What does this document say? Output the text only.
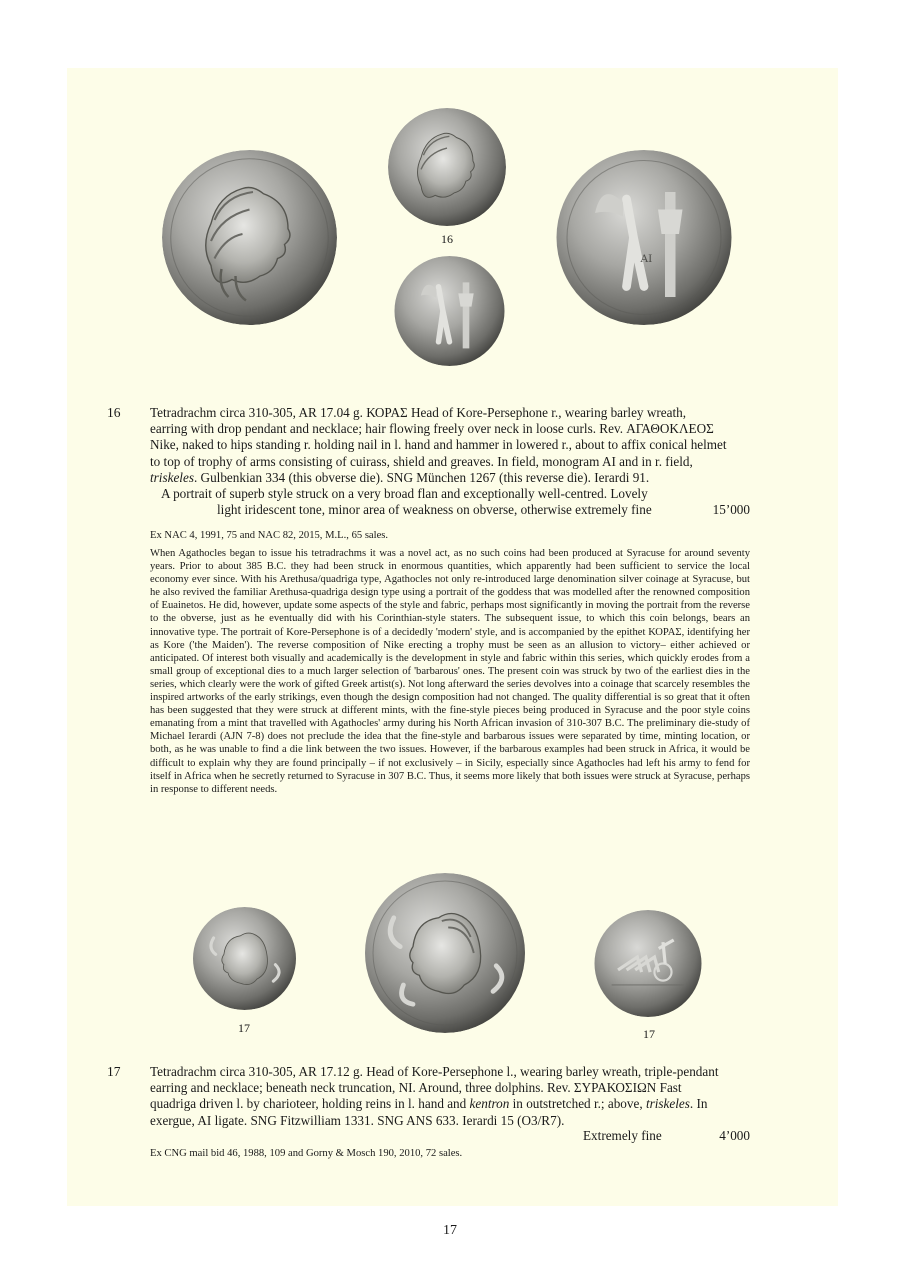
16
AI
16 Tetradrachm circa 310-305, AR 17.04 g. ΚΟΡΑΣ Head of Kore-Persephone r., wearing barley wreath,
earring with drop pendant and necklace; hair flowing freely over neck in loose curls. Rev. ΑΓΑΘΟΚΛΕΟΣ
Nike, naked to hips standing r. holding nail in l. hand and hammer in lowered r., about to affix conical helmet
to top of trophy of arms consisting of cuirass, shield and greaves. In field, monogram AI and in r. field,
triskeles. Gulbenkian 334 (this obverse die). SNG München 1267 (this reverse die). Ierardi 91.
A portrait of superb style struck on a very broad flan and exceptionally well-centred. Lovely
light iridescent tone, minor area of weakness on obverse, otherwise extremely fine	15’000
Ex NAC 4, 1991, 75 and NAC 82, 2015, M.L., 65 sales.
When Agathocles began to issue his tetradrachms it was a novel act, as no such coins had been produced at Syracuse for around seventy years. Prior to about 385 B.C. they had been struck in enormous quantities, which apparently had been sufficient to service the local economy ever since. With his Arethusa/quadriga type, Agathocles not only re-introduced large denomination silver coinage at Syracuse, but he also revived the familiar Arethusa-quadriga design type using a portrait of the goddess that was modelled after the renowned composition of Euainetos. He did, however, update some aspects of the style and fabric, perhaps most significantly in moving the portrait from the reverse to the obverse, just as he eventually did with his Corinthian-style staters. The subsequent issue, to which this coin belongs, bears an innovative type. The portrait of Kore-Persephone is of a decidedly 'modern' style, and is accompanied by the epithet ΚΟΡΑΣ, identifying her as Kore ('the Maiden'). The reverse composition of Nike erecting a trophy must be seen as an allusion to victory– either achieved or anticipated. Of interest both visually and academically is the development in style and fabric within this series, which quickly erodes from a small group of exceptional dies to a much larger selection of 'barbarous' ones. The present coin was struck by two of the earliest dies in the series, which clearly were the work of gifted Greek artist(s). Not long afterward the series devolves into a coinage that scarcely resembles the inspired artworks of the early strikings, even though the design composition had not changed. The quality differential is so great that it often has been suggested that they were struck at different mints, with the fine-style pieces being produced in Syracuse and the poor style coins emanating from a mint that travelled with Agathocles' army during his North African invasion of 310-307 B.C. The preliminary die-study of Michael Ierardi (AJN 7-8) does not preclude the idea that the fine-style and barbarous issues were separated by time, minting location, or both, as he was unable to find a die link between the two issues. However, if the barbarous examples had been struck in Africa, it would be difficult to explain why they are found principally – if not exclusively – in Sicily, especially since Agathocles had left his army to fend for itself in Africa when he secretly returned to Syracuse in 307 B.C. Thus, it seems more likely that both issues were struck at Syracuse, perhaps in response to different needs.
17	17
17 Tetradrachm circa 310-305, AR 17.12 g. Head of Kore-Persephone l., wearing barley wreath, triple-pendant
earring and necklace; beneath neck truncation, NI. Around, three dolphins. Rev. ΣΥΡΑΚΟΣΙΩΝ Fast
quadriga driven l. by charioteer, holding reins in l. hand and kentron in outstretched r.; above, triskeles. In
exergue, AI ligate. SNG Fitzwilliam 1331. SNG ANS 633. Ierardi 15 (O3/R7).
Extremely fine	4’000
Ex CNG mail bid 46, 1988, 109 and Gorny & Mosch 190, 2010, 72 sales.
17
